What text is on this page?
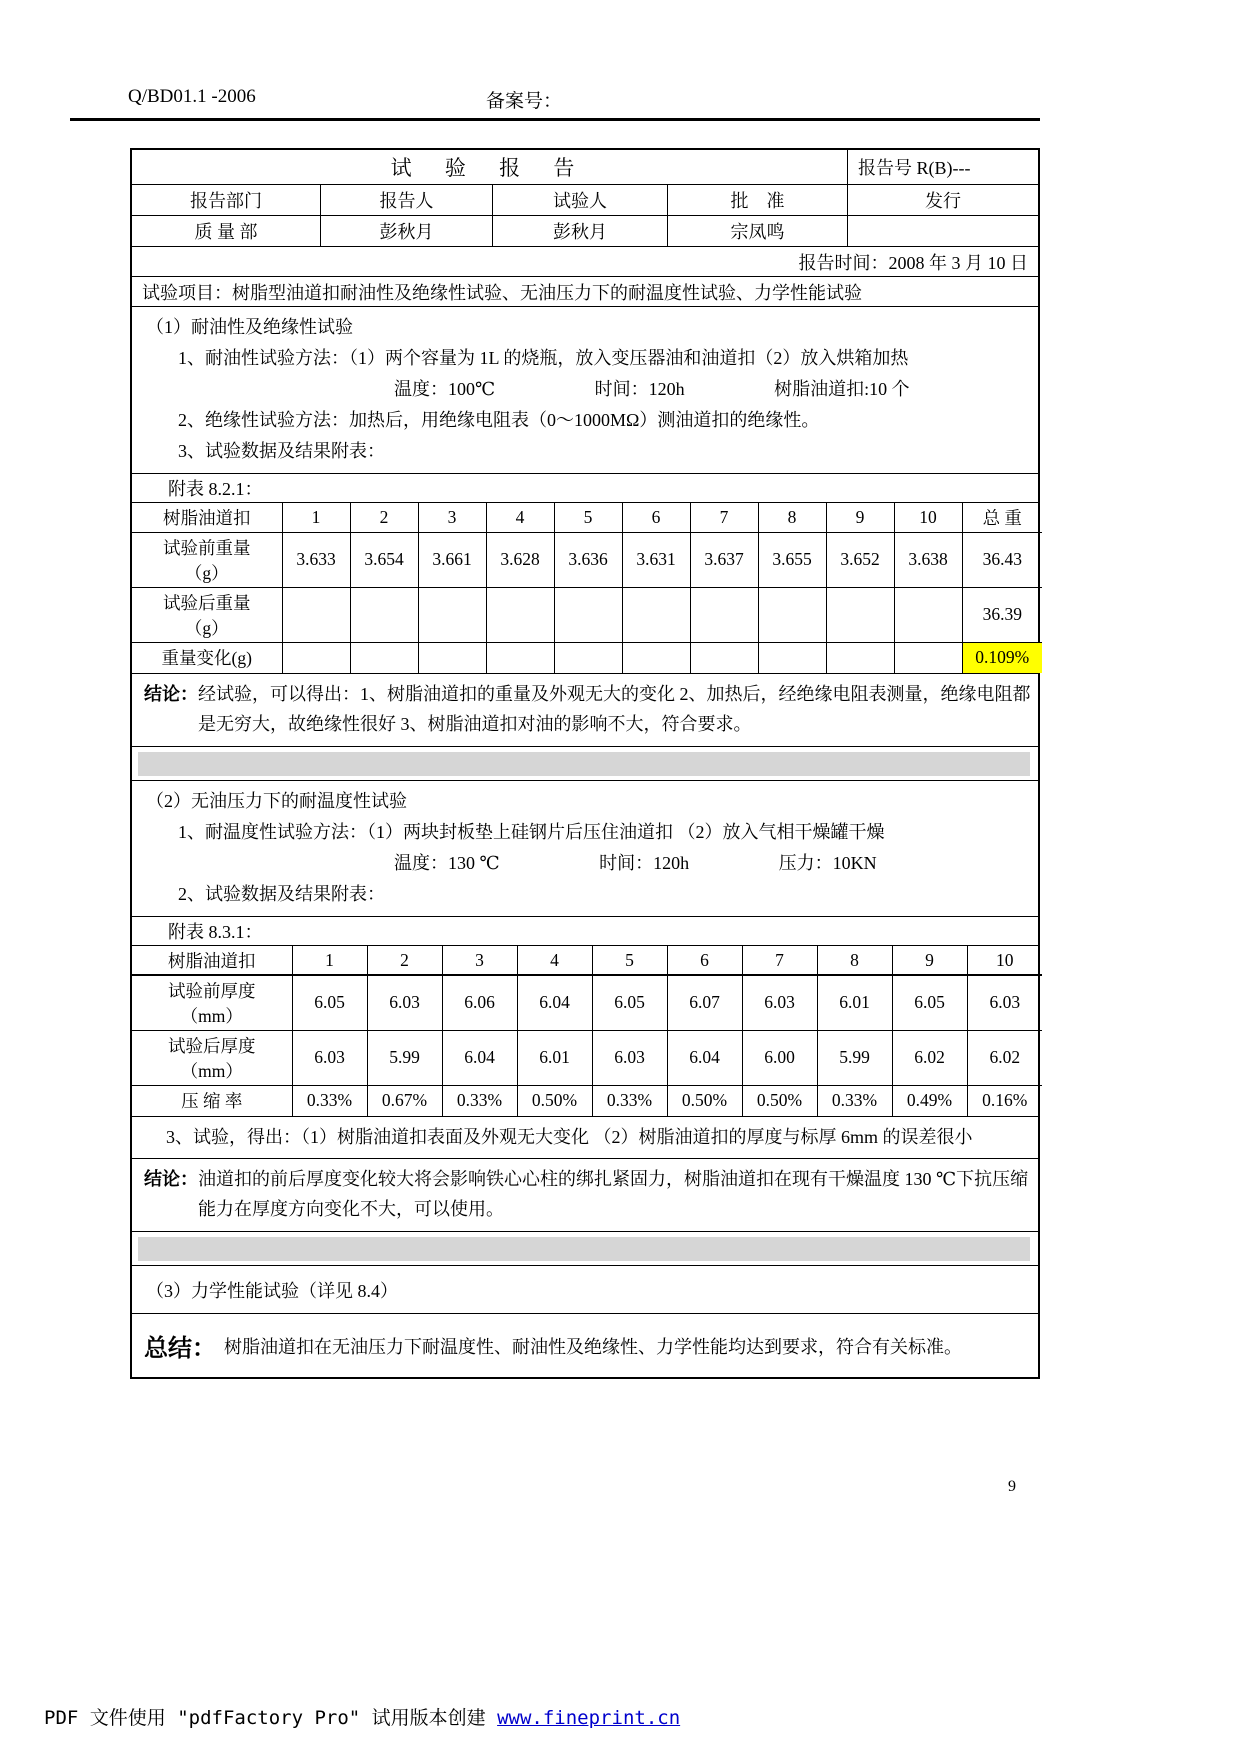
Q/BD01.1 -2006	备案号：
试 验 报 告	报告号 R(B)---
报告部门	报告人	试验人	批　准	发行
质 量 部	彭秋月	彭秋月	宗凤鸣
报告时间：2008 年 3 月 10 日
试验项目：树脂型油道扣耐油性及绝缘性试验、无油压力下的耐温度性试验、力学性能试验
（1）耐油性及绝缘性试验
1、耐油性试验方法：（1）两个容量为 1L 的烧瓶，放入变压器油和油道扣（2）放入烘箱加热
温度：100℃	时间：120h	树脂油道扣:10 个
2、绝缘性试验方法：加热后，用绝缘电阻表（0～1000MΩ）测油道扣的绝缘性。
3、试验数据及结果附表：
附表 8.2.1：
树脂油道扣	1	2	3	4	5	6	7	8	9	10	总 重

试验前重量
（g）	3.633	3.654	3.661	3.628	3.636	3.631	3.637	3.655	3.652	3.638	36.43

试验后重量
（g）											36.39
重量变化(g)											0.109%
结论： 经试验，可以得出：1、树脂油道扣的重量及外观无大的变化 2、加热后，经绝缘电阻表测量，绝缘电阻都是无穷大，故绝缘性很好 3、树脂油道扣对油的影响不大，符合要求。
（2）无油压力下的耐温度性试验
1、耐温度性试验方法：（1）两块封板垫上硅钢片后压住油道扣 （2）放入气相干燥罐干燥
温度：130 ℃	时间：120h	压力：10KN
2、试验数据及结果附表：
附表 8.3.1：
树脂油道扣	1	2	3	4	5	6	7	8	9	10

试验前厚度
（mm）	6.05	6.03	6.06	6.04	6.05	6.07	6.03	6.01	6.05	6.03

试验后厚度
（mm）	6.03	5.99	6.04	6.01	6.03	6.04	6.00	5.99	6.02	6.02
压 缩 率	0.33%	0.67%	0.33%	0.50%	0.33%	0.50%	0.50%	0.33%	0.49%	0.16%
3、试验，得出：（1）树脂油道扣表面及外观无大变化 （2）树脂油道扣的厚度与标厚 6mm 的误差很小
结论： 油道扣的前后厚度变化较大将会影响铁心心柱的绑扎紧固力，树脂油道扣在现有干燥温度 130 ℃下抗压缩能力在厚度方向变化不大，可以使用。
（3）力学性能试验（详见 8.4）
总结： 树脂油道扣在无油压力下耐温度性、耐油性及绝缘性、力学性能均达到要求，符合有关标准。
9
PDF 文件使用 "pdfFactory Pro" 试用版本创建 www.fineprint.cn
